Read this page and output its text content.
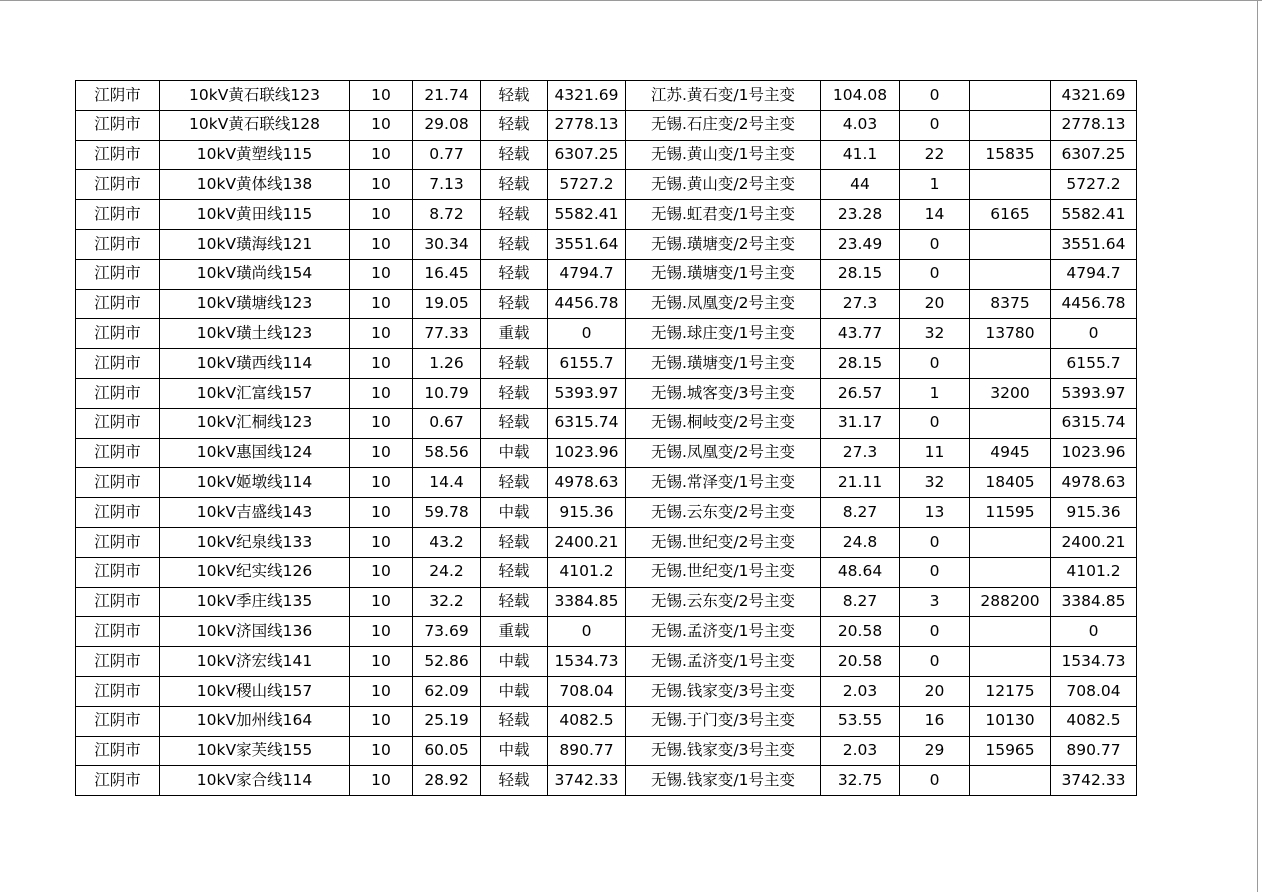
江阴市	10kV黄石联线123	10	21.74	轻载	4321.69	江苏.黄石变/1号主变	104.08	0		4321.69
江阴市	10kV黄石联线128	10	29.08	轻载	2778.13	无锡.石庄变/2号主变	4.03	0		2778.13
江阴市	10kV黄塑线115	10	0.77	轻载	6307.25	无锡.黄山变/1号主变	41.1	22	15835	6307.25
江阴市	10kV黄体线138	10	7.13	轻载	5727.2	无锡.黄山变/2号主变	44	1		5727.2
江阴市	10kV黄田线115	10	8.72	轻载	5582.41	无锡.虹君变/1号主变	23.28	14	6165	5582.41
江阴市	10kV璜海线121	10	30.34	轻载	3551.64	无锡.璜塘变/2号主变	23.49	0		3551.64
江阴市	10kV璜尚线154	10	16.45	轻载	4794.7	无锡.璜塘变/1号主变	28.15	0		4794.7
江阴市	10kV璜塘线123	10	19.05	轻载	4456.78	无锡.凤凰变/2号主变	27.3	20	8375	4456.78
江阴市	10kV璜土线123	10	77.33	重载	0	无锡.球庄变/1号主变	43.77	32	13780	0
江阴市	10kV璜西线114	10	1.26	轻载	6155.7	无锡.璜塘变/1号主变	28.15	0		6155.7
江阴市	10kV汇富线157	10	10.79	轻载	5393.97	无锡.城客变/3号主变	26.57	1	3200	5393.97
江阴市	10kV汇桐线123	10	0.67	轻载	6315.74	无锡.桐岐变/2号主变	31.17	0		6315.74
江阴市	10kV惠国线124	10	58.56	中载	1023.96	无锡.凤凰变/2号主变	27.3	11	4945	1023.96
江阴市	10kV姬墩线114	10	14.4	轻载	4978.63	无锡.常泽变/1号主变	21.11	32	18405	4978.63
江阴市	10kV吉盛线143	10	59.78	中载	915.36	无锡.云东变/2号主变	8.27	13	11595	915.36
江阴市	10kV纪泉线133	10	43.2	轻载	2400.21	无锡.世纪变/2号主变	24.8	0		2400.21
江阴市	10kV纪实线126	10	24.2	轻载	4101.2	无锡.世纪变/1号主变	48.64	0		4101.2
江阴市	10kV季庄线135	10	32.2	轻载	3384.85	无锡.云东变/2号主变	8.27	3	288200	3384.85
江阴市	10kV济国线136	10	73.69	重载	0	无锡.孟济变/1号主变	20.58	0		0
江阴市	10kV济宏线141	10	52.86	中载	1534.73	无锡.孟济变/1号主变	20.58	0		1534.73
江阴市	10kV稷山线157	10	62.09	中载	708.04	无锡.钱家变/3号主变	2.03	20	12175	708.04
江阴市	10kV加州线164	10	25.19	轻载	4082.5	无锡.于门变/3号主变	53.55	16	10130	4082.5
江阴市	10kV家芙线155	10	60.05	中载	890.77	无锡.钱家变/3号主变	2.03	29	15965	890.77
江阴市	10kV家合线114	10	28.92	轻载	3742.33	无锡.钱家变/1号主变	32.75	0		3742.33
